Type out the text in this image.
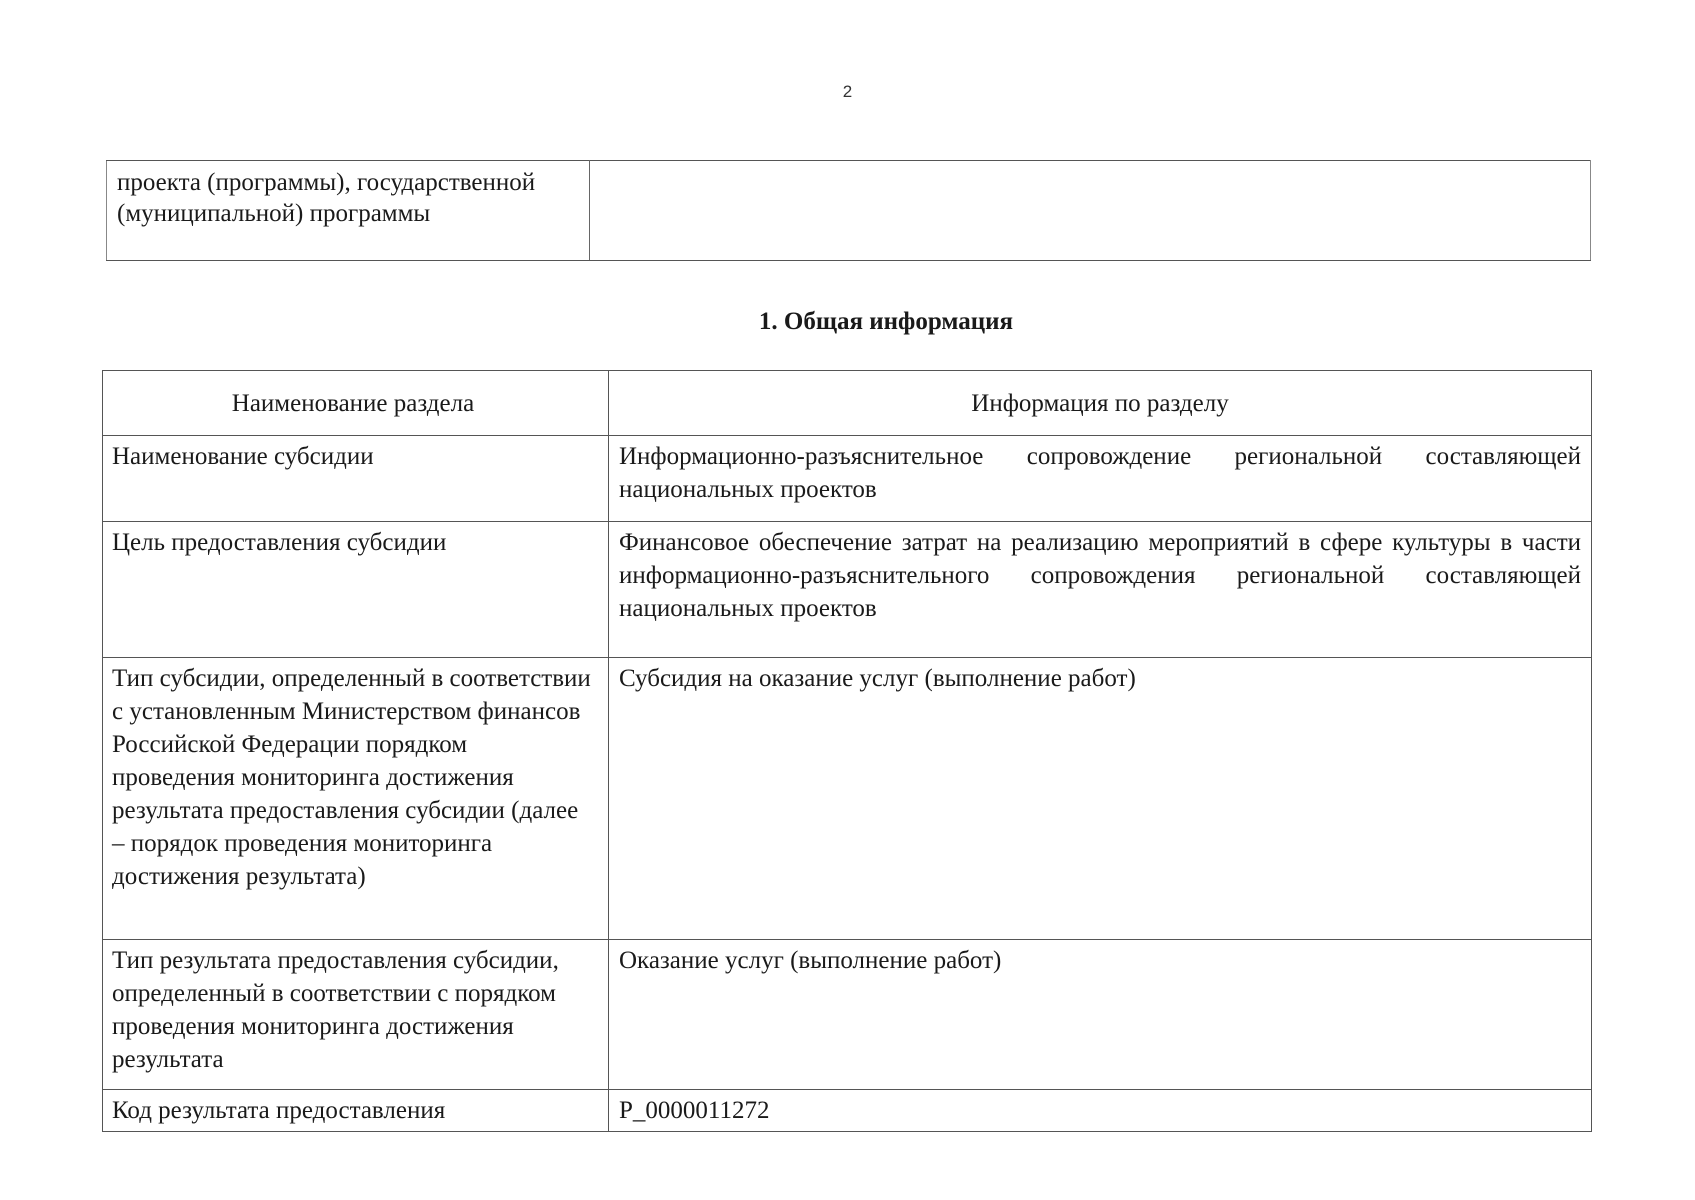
2
проекта (программы), государственной (муниципальной) программы	
1. Общая информация
Наименование раздела	Информация по разделу
Наименование субсидии	Информационно-разъяснительное сопровождение региональной составляющей национальных проектов
Цель предоставления субсидии	Финансовое обеспечение затрат на реализацию мероприятий в сфере культуры в части информационно-разъяснительного сопровождения региональной составляющей национальных проектов
Тип субсидии, определенный в соответствии с установленным Министерством финансов Российской Федерации порядком проведения мониторинга достижения результата предоставления субсидии (далее – порядок проведения мониторинга достижения результата)	Субсидия на оказание услуг (выполнение работ)
Тип результата предоставления субсидии, определенный в соответствии с порядком проведения мониторинга достижения результата	Оказание услуг (выполнение работ)
Код результата предоставления	P_0000011272
